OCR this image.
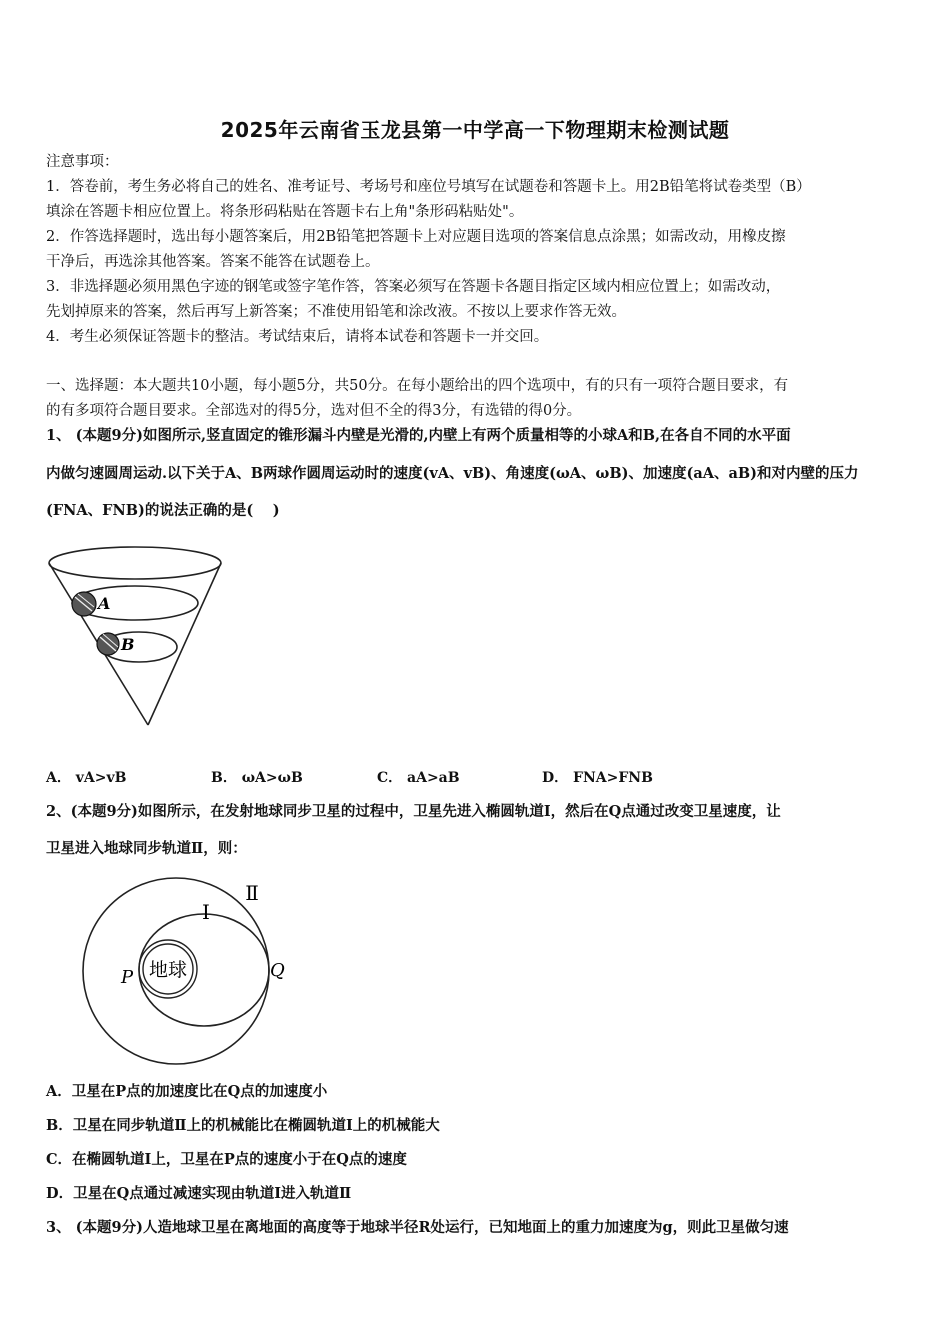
2025年云南省玉龙县第一中学高一下物理期末检测试题
注意事项：
1．答卷前，考生务必将自己的姓名、准考证号、考场号和座位号填写在试题卷和答题卡上。用2B铅笔将试卷类型（B）
填涂在答题卡相应位置上。将条形码粘贴在答题卡右上角"条形码粘贴处"。
2．作答选择题时，选出每小题答案后，用2B铅笔把答题卡上对应题目选项的答案信息点涂黑；如需改动，用橡皮擦
干净后，再选涂其他答案。答案不能答在试题卷上。
3．非选择题必须用黑色字迹的钢笔或签字笔作答，答案必须写在答题卡各题目指定区域内相应位置上；如需改动，
先划掉原来的答案，然后再写上新答案；不准使用铅笔和涂改液。不按以上要求作答无效。
4．考生必须保证答题卡的整洁。考试结束后，请将本试卷和答题卡一并交回。
一、选择题：本大题共10小题，每小题5分，共50分。在每小题给出的四个选项中，有的只有一项符合题目要求，有
的有多项符合题目要求。全部选对的得5分，选对但不全的得3分，有选错的得0分。
1、 (本题9分)如图所示,竖直固定的锥形漏斗内壁是光滑的,内壁上有两个质量相等的小球A和B,在各自不同的水平面
内做匀速圆周运动.以下关于A、B两球作圆周运动时的速度(vA、vB)、角速度(ωA、ωB)、加速度(aA、aB)和对内壁的压力
(FNA、FNB)的说法正确的是(　 )
A
B
A． vA>vB	B． ωA>ωB	C． aA>aB	D． FNA>FNB
2、(本题9分)如图所示，在发射地球同步卫星的过程中，卫星先进入椭圆轨道Ⅰ，然后在Q点通过改变卫星速度，让
卫星进入地球同步轨道Ⅱ，则：
地球
Ⅰ
Ⅱ
P	Q
A．卫星在P点的加速度比在Q点的加速度小
B．卫星在同步轨道Ⅱ上的机械能比在椭圆轨道Ⅰ上的机械能大
C．在椭圆轨道Ⅰ上，卫星在P点的速度小于在Q点的速度
D．卫星在Q点通过减速实现由轨道Ⅰ进入轨道Ⅱ
3、 (本题9分)人造地球卫星在离地面的高度等于地球半径R处运行，已知地面上的重力加速度为g，则此卫星做匀速
